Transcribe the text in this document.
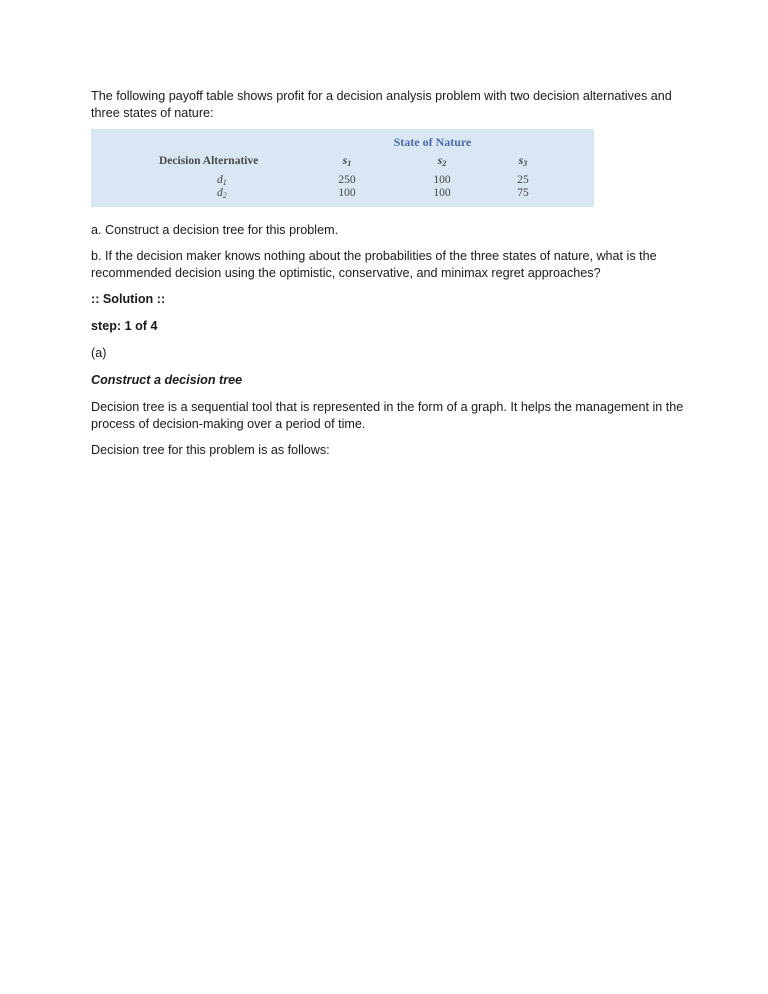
The following payoff table shows profit for a decision analysis problem with two decision alternatives and three states of nature:

State of Nature
Decision Alternative	$s_1$	$s_2$	$s_3$
$d_1$	250	100	25
$d_2$	100	100	75

a. Construct a decision tree for this problem.

b. If the decision maker knows nothing about the probabilities of the three states of nature, what is the recommended decision using the optimistic, conservative, and minimax regret approaches?

:: Solution ::

step: 1 of 4

(a)

Construct a decision tree

Decision tree is a sequential tool that is represented in the form of a graph. It helps the management in the process of decision-making over a period of time.

Decision tree for this problem is as follows:
